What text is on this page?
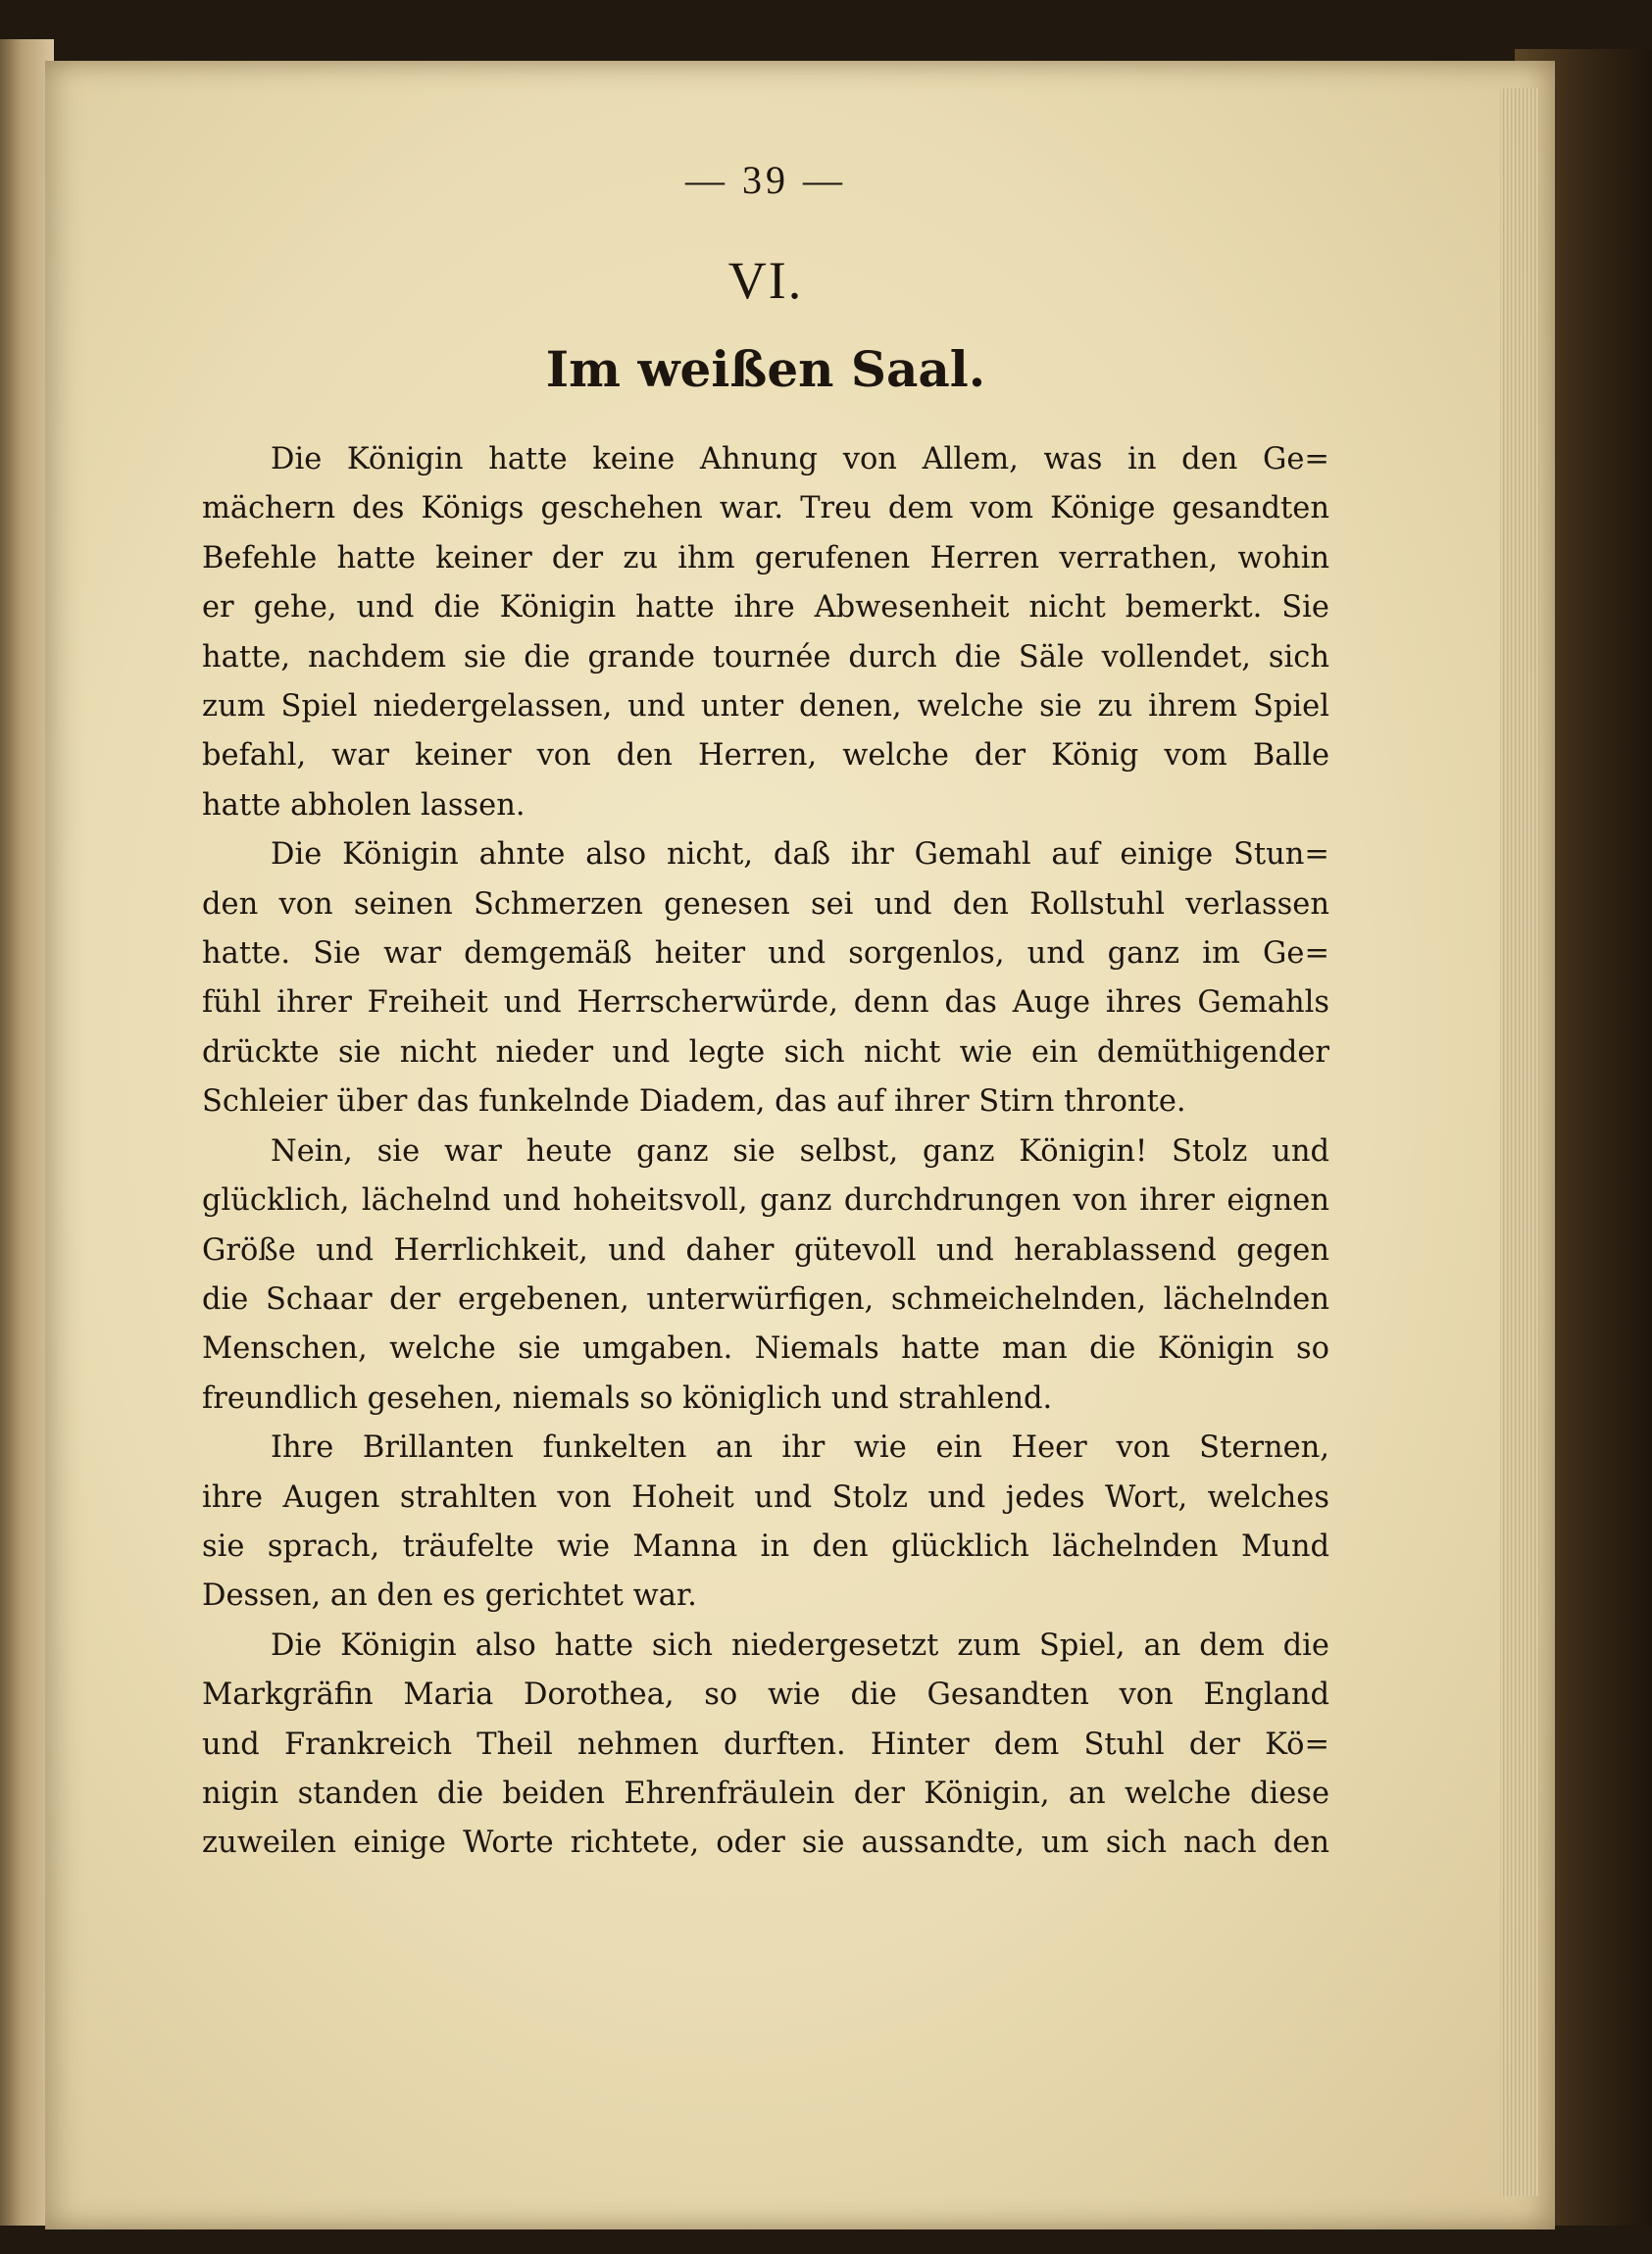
— 39 —
VI.
Im weißen Saal.
Die Königin hatte keine Ahnung von Allem, was in den Ge=
mächern des Königs geschehen war. Treu dem vom Könige gesandten
Befehle hatte keiner der zu ihm gerufenen Herren verrathen, wohin
er gehe, und die Königin hatte ihre Abwesenheit nicht bemerkt. Sie
hatte, nachdem sie die grande tournée durch die Säle vollendet, sich
zum Spiel niedergelassen, und unter denen, welche sie zu ihrem Spiel
befahl, war keiner von den Herren, welche der König vom Balle
hatte abholen lassen.
Die Königin ahnte also nicht, daß ihr Gemahl auf einige Stun=
den von seinen Schmerzen genesen sei und den Rollstuhl verlassen
hatte. Sie war demgemäß heiter und sorgenlos, und ganz im Ge=
fühl ihrer Freiheit und Herrscherwürde, denn das Auge ihres Gemahls
drückte sie nicht nieder und legte sich nicht wie ein demüthigender
Schleier über das funkelnde Diadem, das auf ihrer Stirn thronte.
Nein, sie war heute ganz sie selbst, ganz Königin! Stolz und
glücklich, lächelnd und hoheitsvoll, ganz durchdrungen von ihrer eignen
Größe und Herrlichkeit, und daher gütevoll und herablassend gegen
die Schaar der ergebenen, unterwürfigen, schmeichelnden, lächelnden
Menschen, welche sie umgaben. Niemals hatte man die Königin so
freundlich gesehen, niemals so königlich und strahlend.
Ihre Brillanten funkelten an ihr wie ein Heer von Sternen,
ihre Augen strahlten von Hoheit und Stolz und jedes Wort, welches
sie sprach, träufelte wie Manna in den glücklich lächelnden Mund
Dessen, an den es gerichtet war.
Die Königin also hatte sich niedergesetzt zum Spiel, an dem die
Markgräfin Maria Dorothea, so wie die Gesandten von England
und Frankreich Theil nehmen durften. Hinter dem Stuhl der Kö=
nigin standen die beiden Ehrenfräulein der Königin, an welche diese
zuweilen einige Worte richtete, oder sie aussandte, um sich nach den
